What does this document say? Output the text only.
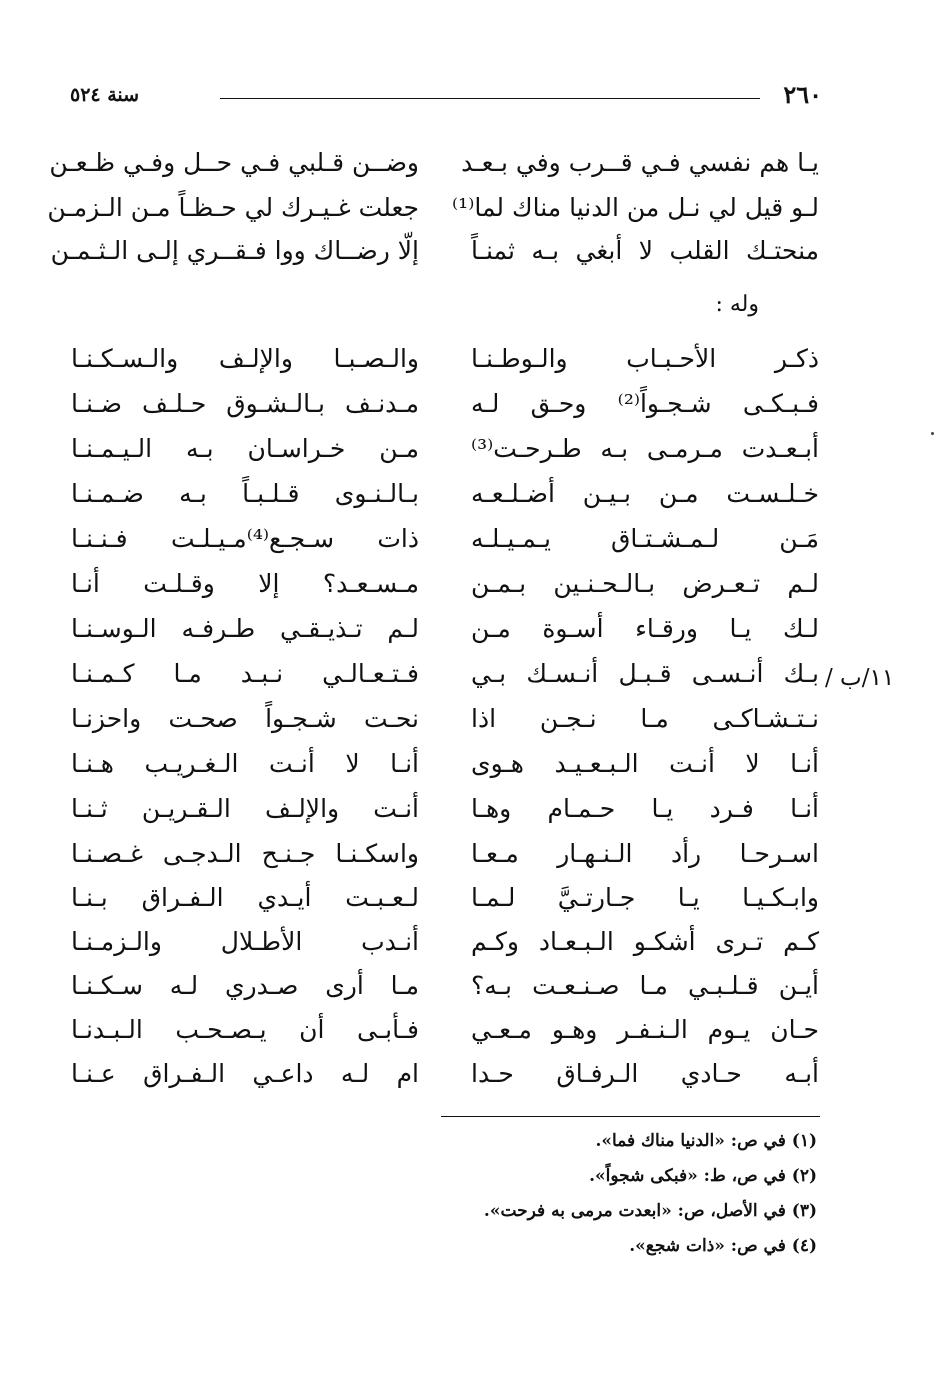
٢٦٠
سنة ٥٢٤
يـا هم نفسي فـي قــرب وفي بـعـد
وضــن قـلبي فـي حــل وفـي ظـعـن
لـو قيل لي نـل من الدنيا مناك لما⁽¹⁾
جعلت غـيـرك لي حـظـاً مـن الـزمـن
منحتـك القلب لا أبغي بـه ثمنـاً
إلّا رضــاك ووا فـقــري إلـى الـثـمـن
وله :
ذكـر الأحـبـاب والـوطـنـا
والـصـبـا والإلـف والـسـكـنـا
فـبـكـى شـجـواً⁽²⁾ وحـق لـه
مـدنـف بـالـشـوق حـلـف ضـنـا
أبـعـدت مـرمـى بـه طـرحـت⁽³⁾
مـن خـراسـان بـه الـيـمـنـا
خـلـسـت مـن بـيـن أضـلـعـه
بـالـنـوى قـلـبـاً بـه ضـمـنـا
مَـن لـمـشـتـاق يـمـيـلـه
ذات سـجـع⁽⁴⁾مـيـلـت فـنـنـا
لـم تـعـرض بـالـحـنـين بـمـن
مـسـعـد؟ إلا وقـلـت أنـا
لـك يـا ورقـاء أسـوة مـن
لـم تـذيـقـي طـرفـه الـوسـنـا
بـك أنـسـى قـبـل أنـسـك بـي
فـتـعـالـي نـبـد مـا كـمـنـا
نـتـشـاكـى مـا نـجـن اذا
نحـت شـجـواً صحـت واحزنـا
أنـا لا أنـت الـبـعـيـد هـوى
أنـا لا أنـت الـغـريـب هـنـا
أنـا فـرد يـا حـمـام وهـا
أنـت والإلـف الـقـريـن ثـنـا
اسـرحـا رأد الـنـهـار مـعـا
واسكـنـا جـنـح الـدجـى غـصـنـا
وابـكـيـا يـا جـارتـيَّ لـمـا
لـعـبـت أيـدي الـفـراق بـنـا
كـم تـرى أشكـو الـبـعـاد وكـم
أنـدب الأطـلال والـزمـنـا
أيـن قـلـبـي مـا صـنـعـت بـه؟
مـا أرى صـدري لـه سـكـنـا
حـان يـوم الـنـفـر وهـو مـعـي
فـأبـى أن يـصـحـب الـبـدنـا
أبـه حـادي الـرفـاق حـدا
ام لـه داعـي الـفـراق عـنـا
١١/ب /
(١) في ص: «الدنيا مناك فما».
(٢) في ص، ط: «فبكى شجواً».
(٣) في الأصل، ص: «ابعدت مرمى به فرحت».
(٤) في ص: «ذات شجع».
